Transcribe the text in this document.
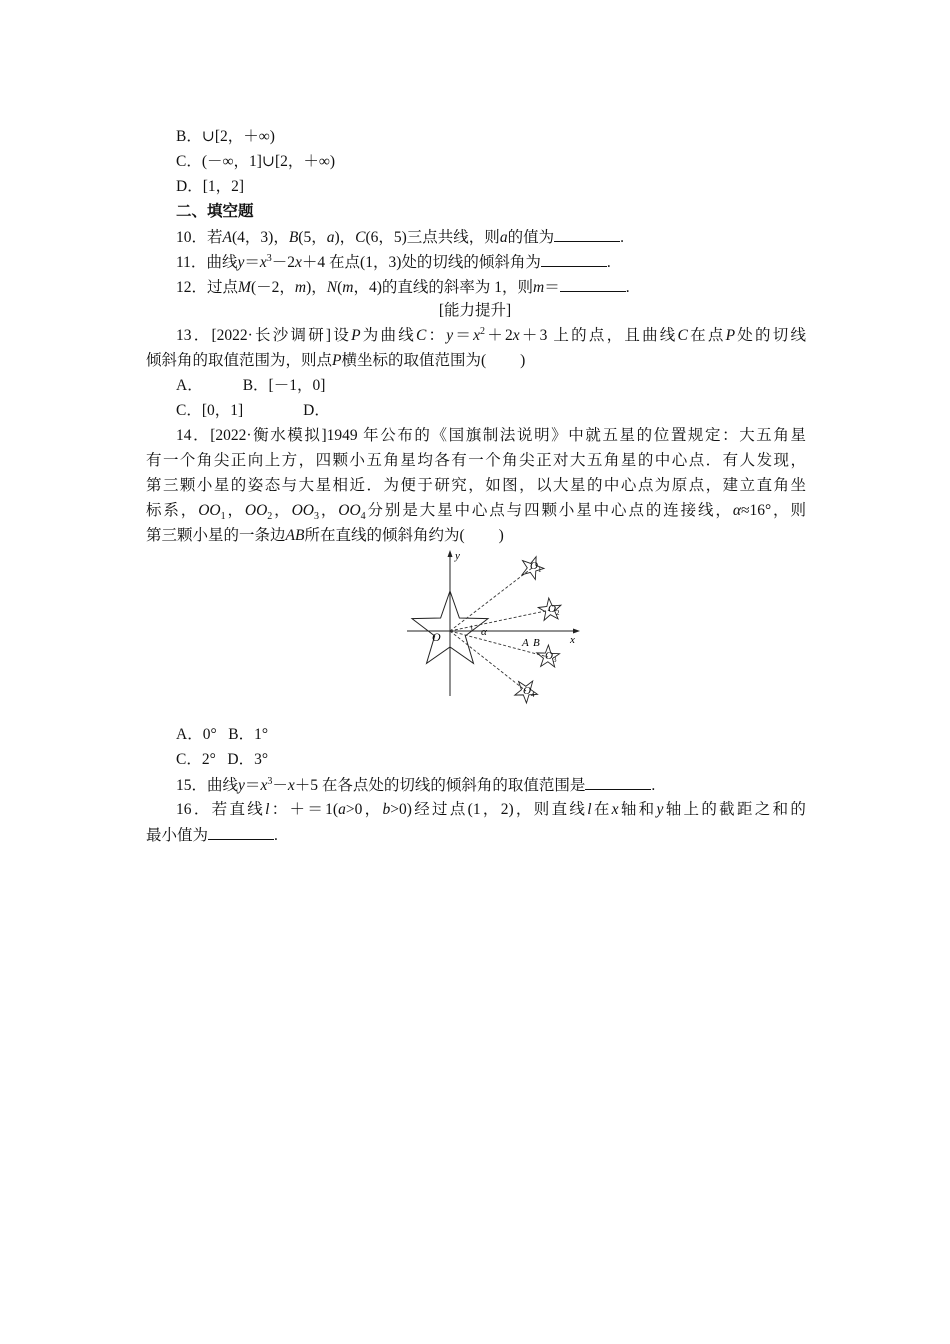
B．∪[2，＋∞)
C．(－∞，1]∪[2，＋∞)
D．[1，2]
二、填空题
10．若A(4，3)，B(5，a)，C(6，5)三点共线，则a的值为	.
11．曲线$y=x^3-2x+4$ 在点(1，3)处的切线的倾斜角为	.
12．过点M(－2，m)，N(m，4)的直线的斜率为 1，则m＝	.
[能力提升]
13．[2022·长沙调研]设P为曲线C：$y=x^2+2x+3$ 上的点，且曲线C在点P处的切线
倾斜角的取值范围为，则点P横坐标的取值范围为( )
A．	B．[－1，0]
C．[0，1]	D．
14．[2022·衡水模拟]1949 年公布的《国旗制法说明》中就五星的位置规定：大五角星
有一个角尖正向上方，四颗小五角星均各有一个角尖正对大五角星的中心点．有人发现，
第三颗小星的姿态与大星相近．为便于研究，如图，以大星的中心点为原点，建立直角坐
标系，$OO_1$，$OO_2$，$OO_3$，$OO_4$分别是大星中心点与四颗小星中心点的连接线，α≈16°，则
第三颗小星的一条边AB所在直线的倾斜角约为( )
y
x
α
O
$O_1$
$O_2$
$O_3$
$O_4$
A B
A．0° B．1°
C．2° D．3°
15．曲线$y=x^3-x+5$ 在各点处的切线的倾斜角的取值范围是	.
16．若直线l：＋＝1(a>0，b>0)经过点(1，2)，则直线l在x轴和y轴上的截距之和的
最小值为	.
